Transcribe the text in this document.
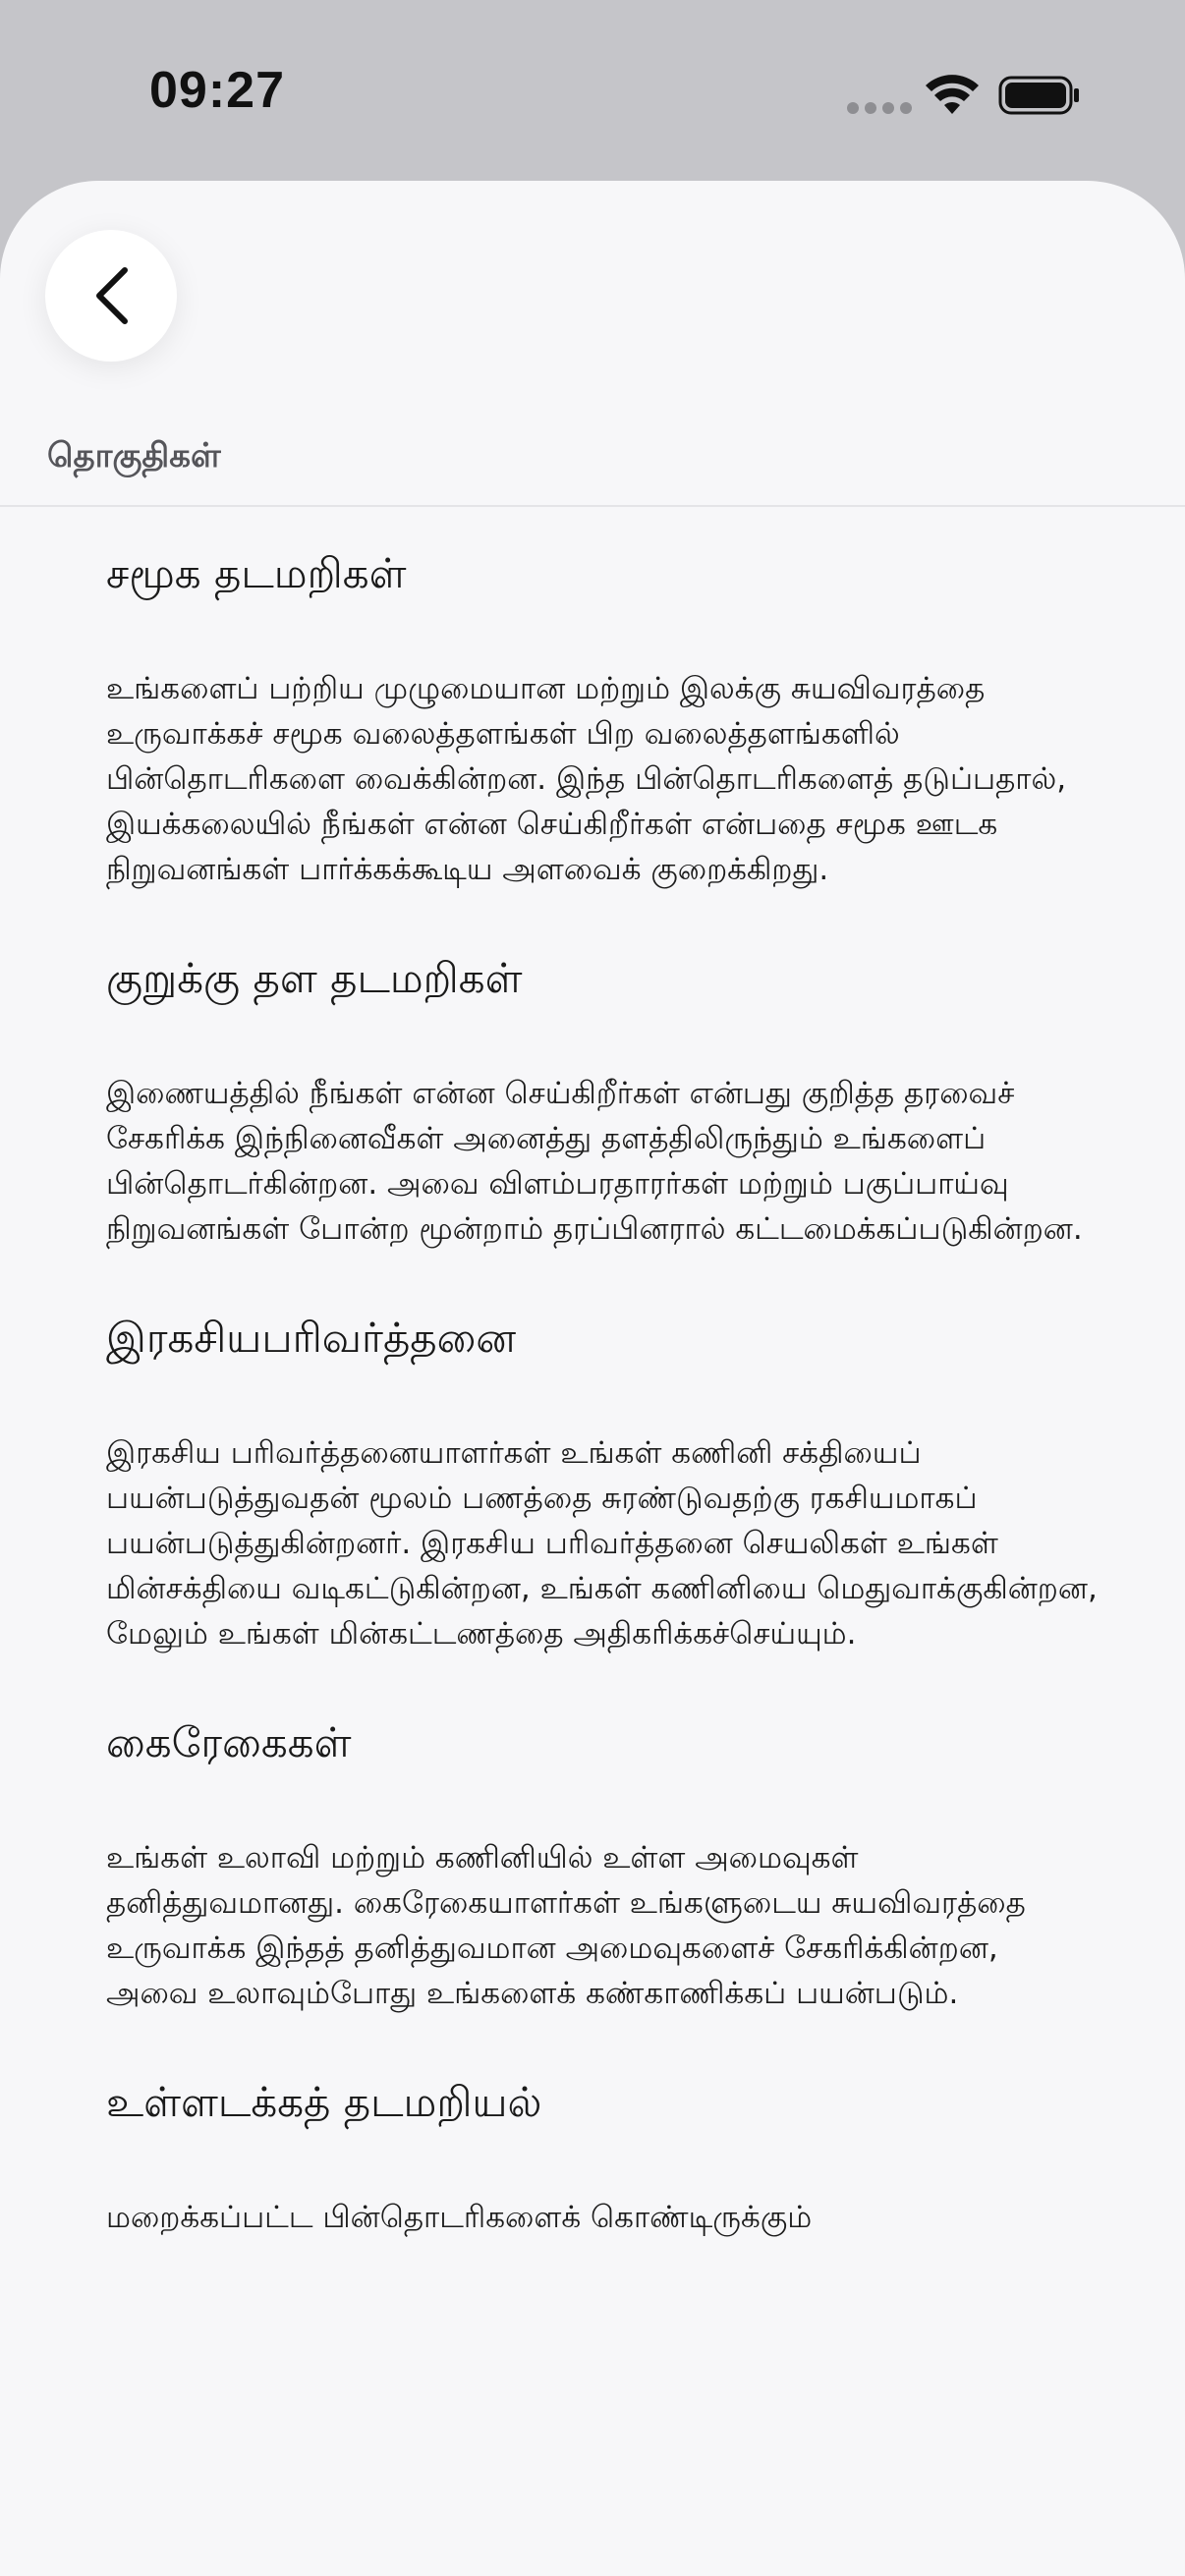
09:27
தொகுதிகள்
சமூக தடமறிகள்

உங்களைப் பற்றிய முழுமையான மற்றும் இலக்கு சுயவிவரத்தை உருவாக்கச் சமூக வலைத்தளங்கள் பிற வலைத்தளங்களில் பின்தொடரிகளை வைக்கின்றன. இந்த பின்தொடரிகளைத் தடுப்பதால், இயக்கலையில் நீங்கள் என்ன செய்கிறீர்கள் என்பதை சமூக ஊடக நிறுவனங்கள் பார்க்கக்கூடிய அளவைக் குறைக்கிறது.

குறுக்கு தள தடமறிகள்

இணையத்தில் நீங்கள் என்ன செய்கிறீர்கள் என்பது குறித்த தரவைச் சேகரிக்க இந்நினைவீகள் அனைத்து தளத்திலிருந்தும் உங்களைப் பின்தொடர்கின்றன. அவை விளம்பரதாரர்கள் மற்றும் பகுப்பாய்வு நிறுவனங்கள் போன்ற மூன்றாம் தரப்பினரால் கட்டமைக்கப்படுகின்றன.

இரகசியபரிவர்த்தனை

இரகசிய பரிவர்த்தனையாளர்கள் உங்கள் கணினி சக்தியைப் பயன்படுத்துவதன் மூலம் பணத்தை சுரண்டுவதற்கு ரகசியமாகப் பயன்படுத்துகின்றனர். இரகசிய பரிவர்த்தனை செயலிகள் உங்கள் மின்சக்தியை வடிகட்டுகின்றன, உங்கள் கணினியை மெதுவாக்குகின்றன, மேலும் உங்கள் மின்கட்டணத்தை அதிகரிக்கச்செய்யும்.

கைரேகைகள்

உங்கள் உலாவி மற்றும் கணினியில் உள்ள அமைவுகள் தனித்துவமானது. கைரேகையாளர்கள் உங்களுடைய சுயவிவரத்தை உருவாக்க இந்தத் தனித்துவமான அமைவுகளைச் சேகரிக்கின்றன, அவை உலாவும்போது உங்களைக் கண்காணிக்கப் பயன்படும்.

உள்ளடக்கத் தடமறியல்

மறைக்கப்பட்ட பின்தொடரிகளைக் கொண்டிருக்கும்
